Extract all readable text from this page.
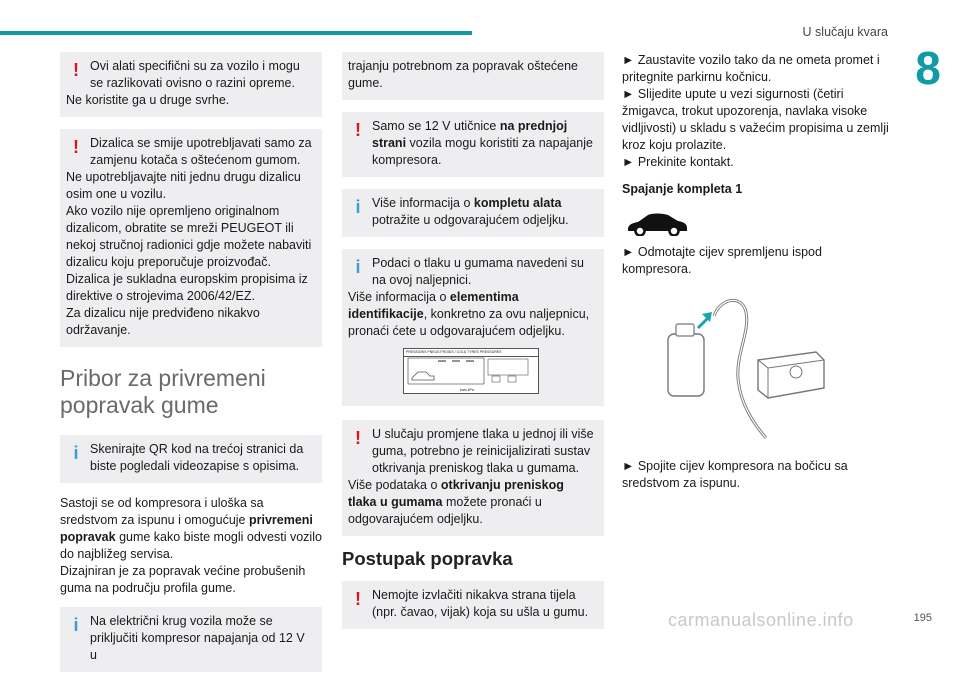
U slučaju kvara
8
! Ovi alati specifični su za vozilo i mogu se razlikovati ovisno o razini opreme.

Ne koristite ga u druge svrhe.

! Dizalica se smije upotrebljavati samo za zamjenu kotača s oštećenom gumom.

Ne upotrebljavajte niti jednu drugu dizalicu osim one u vozilu.

Ako vozilo nije opremljeno originalnom dizalicom, obratite se mreži PEUGEOT ili nekoj stručnoj radionici gdje možete nabaviti dizalicu koju preporučuje proizvođač.

Dizalica je sukladna europskim propisima iz direktive o strojevima 2006/42/EZ.

Za dizalicu nije predviđeno nikakvo održavanje.

Pribor za privremeni popravak gume
i Skenirajte QR kod na trećoj stranici da biste pogledali videozapise s opisima.

Sastoji se od kompresora i uloška sa sredstvom za ispunu i omogućuje privremeni popravak gume kako biste mogli odvesti vozilo do najbližeg servisa.

Dizajniran je za popravak većine probušenih guma na području profila gume.

i Na električni krug vozila može se priključiti kompresor napajanja od 12 V u

trajanju potrebnom za popravak oštećene gume.

! Samo se 12 V utičnice na prednjoj strani vozila mogu koristiti za napajanje kompresora.

i Više informacija o kompletu alata potražite u odgovarajućem odjeljku.

i Podaci o tlaku u gumama navedeni su na ovoj naljepnici.

Više informacija o elementima identifikacije, konkretno za ovu naljepnicu, pronaći ćete u odgovarajućem odjeljku.

PRESSIONS PNEUS FROIDS / COLD TYRES PRESSURES
bars kPa
! U slučaju promjene tlaka u jednoj ili više guma, potrebno je reinicijalizirati sustav otkrivanja preniskog tlaka u gumama.

Više podataka o otkrivanju preniskog tlaka u gumama možete pronaći u odgovarajućem odjeljku.

Postupak popravka
! Nemojte izvlačiti nikakva strana tijela (npr. čavao, vijak) koja su ušla u gumu.

► Zaustavite vozilo tako da ne ometa promet i pritegnite parkirnu kočnicu.

► Slijedite upute u vezi sigurnosti (četiri žmigavca, trokut upozorenja, navlaka visoke vidljivosti) u skladu s važećim propisima u zemlji kroz koju prolazite.

► Prekinite kontakt.

Spajanje kompleta 1

► Odmotajte cijev spremljenu ispod kompresora.

► Spojite cijev kompresora na bočicu sa sredstvom za ispunu.

195
carmanualsonline.info
